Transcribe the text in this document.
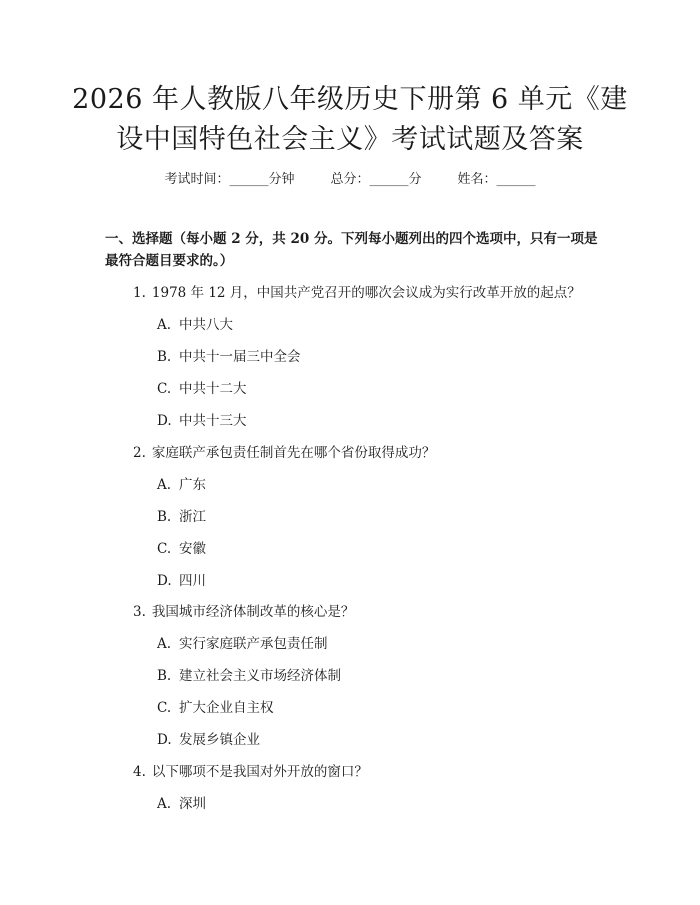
2026 年人教版八年级历史下册第 6 单元《建
设中国特色社会主义》考试试题及答案
考试时间：______分钟	总分：______分	姓名：______
一、选择题（每小题 2 分，共 20 分。下列每小题列出的四个选项中，只有一项是最符合题目要求的。）
1. 1978 年 12 月，中国共产党召开的哪次会议成为实行改革开放的起点？
A. 中共八大
B. 中共十一届三中全会
C. 中共十二大
D. 中共十三大
2. 家庭联产承包责任制首先在哪个省份取得成功？
A. 广东
B. 浙江
C. 安徽
D. 四川
3. 我国城市经济体制改革的核心是？
A. 实行家庭联产承包责任制
B. 建立社会主义市场经济体制
C. 扩大企业自主权
D. 发展乡镇企业
4. 以下哪项不是我国对外开放的窗口？
A. 深圳
